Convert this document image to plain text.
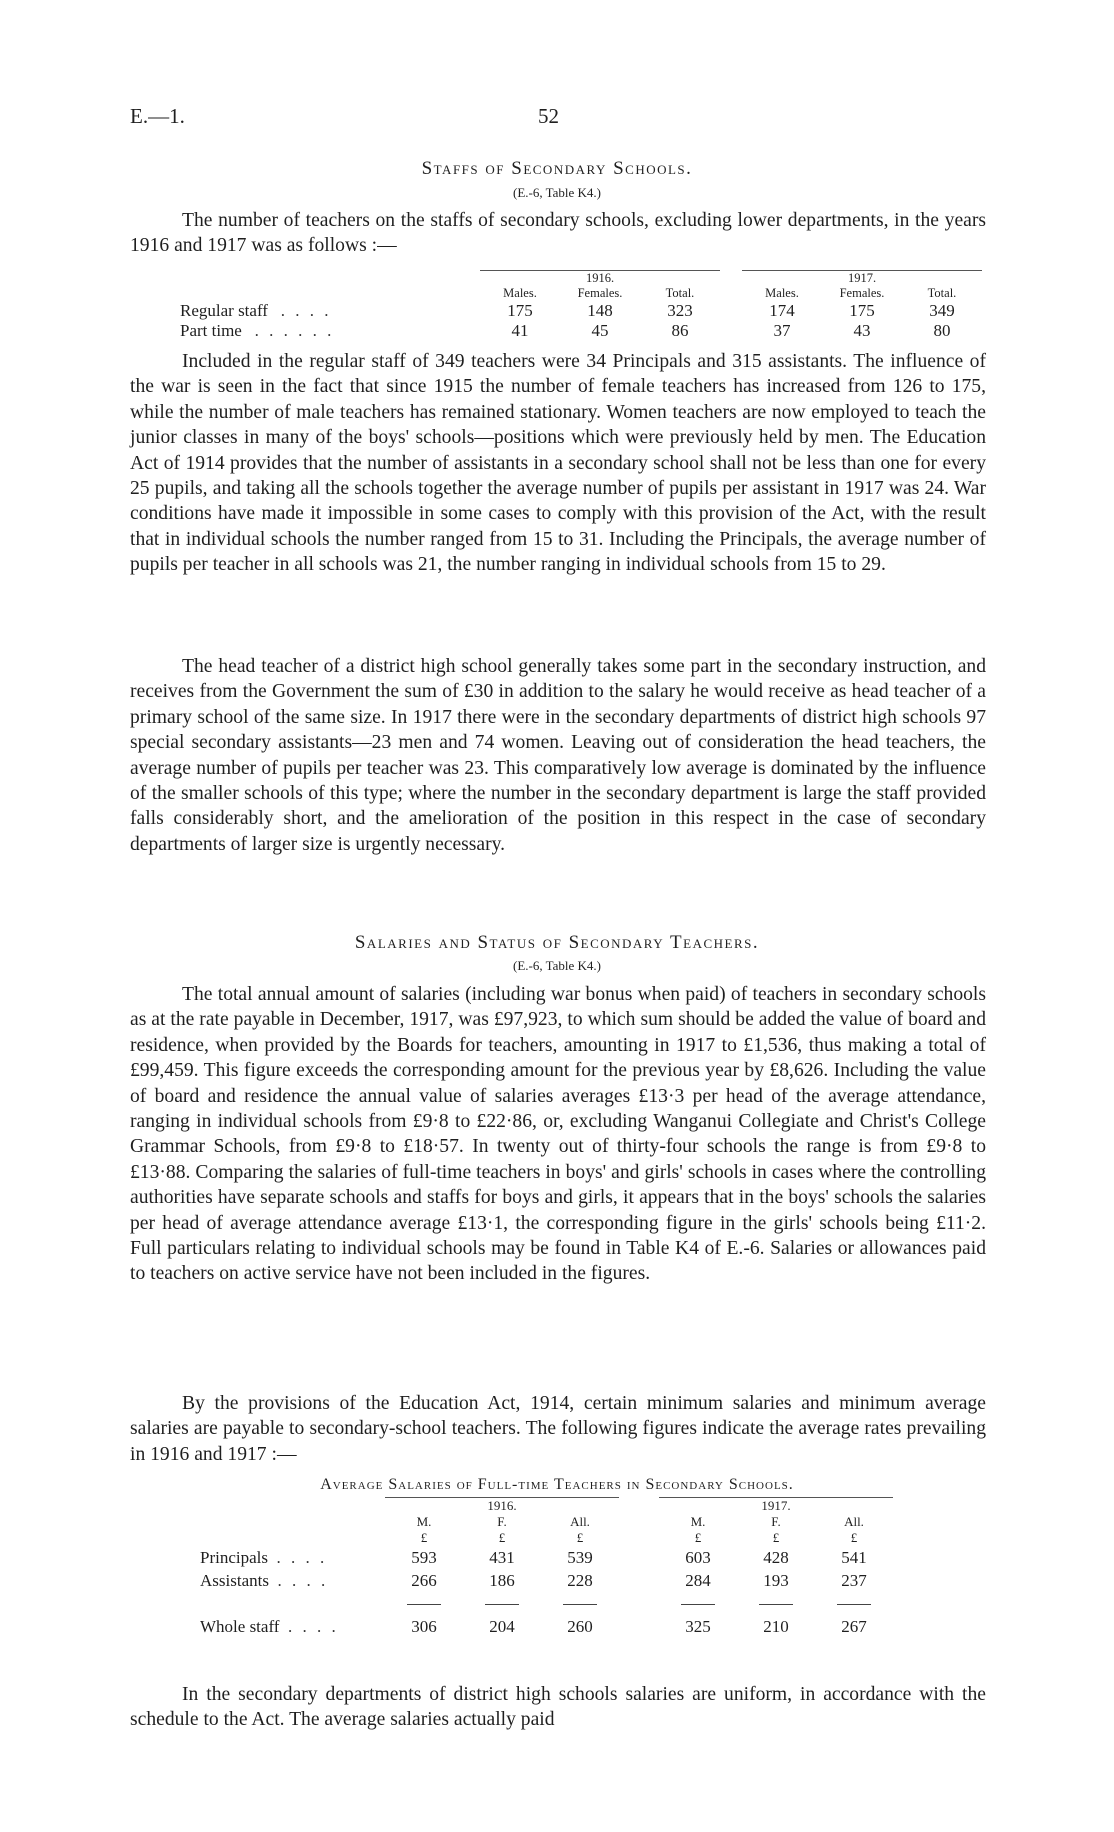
E.—1.	52
Staffs of Secondary Schools.
(E.-6, Table K4.)

The number of teachers on the staffs of secondary schools, excluding lower departments, in the years 1916 and 1917 was as follows :—

	1916.				1917.		
	Males.	Females.	Total.		Males.	Females.	Total.
Regular staff . . . .	175	148	323		174	175	349
Part time . . . . . .	41	45	86		37	43	80

Included in the regular staff of 349 teachers were 34 Principals and 315 assistants. The influence of the war is seen in the fact that since 1915 the number of female teachers has increased from 126 to 175, while the number of male teachers has remained stationary. Women teachers are now employed to teach the junior classes in many of the boys' schools—positions which were previously held by men. The Education Act of 1914 provides that the number of assistants in a secondary school shall not be less than one for every 25 pupils, and taking all the schools together the average number of pupils per assistant in 1917 was 24. War conditions have made it impossible in some cases to comply with this provision of the Act, with the result that in individual schools the number ranged from 15 to 31. Including the Principals, the average number of pupils per teacher in all schools was 21, the number ranging in individual schools from 15 to 29.

The head teacher of a district high school generally takes some part in the secondary instruction, and receives from the Government the sum of £30 in addition to the salary he would receive as head teacher of a primary school of the same size. In 1917 there were in the secondary departments of district high schools 97 special secondary assistants—23 men and 74 women. Leaving out of consideration the head teachers, the average number of pupils per teacher was 23. This comparatively low average is dominated by the influence of the smaller schools of this type; where the number in the secondary department is large the staff provided falls considerably short, and the amelioration of the position in this respect in the case of secondary departments of larger size is urgently necessary.

Salaries and Status of Secondary Teachers.
(E.-6, Table K4.)

The total annual amount of salaries (including war bonus when paid) of teachers in secondary schools as at the rate payable in December, 1917, was £97,923, to which sum should be added the value of board and residence, when provided by the Boards for teachers, amounting in 1917 to £1,536, thus making a total of £99,459. This figure exceeds the corresponding amount for the previous year by £8,626. Including the value of board and residence the annual value of salaries averages £13·3 per head of the average attendance, ranging in individual schools from £9·8 to £22·86, or, excluding Wanganui Collegiate and Christ's College Grammar Schools, from £9·8 to £18·57. In twenty out of thirty-four schools the range is from £9·8 to £13·88. Comparing the salaries of full-time teachers in boys' and girls' schools in cases where the controlling authorities have separate schools and staffs for boys and girls, it appears that in the boys' schools the salaries per head of average attendance average £13·1, the corresponding figure in the girls' schools being £11·2. Full particulars relating to individual schools may be found in Table K4 of E.-6. Salaries or allowances paid to teachers on active service have not been included in the figures.

By the provisions of the Education Act, 1914, certain minimum salaries and minimum average salaries are payable to secondary-school teachers. The following figures indicate the average rates prevailing in 1916 and 1917 :—

Average Salaries of Full-time Teachers in Secondary Schools.
	1916.				1917.		
	M.	F.	All.		M.	F.	All.
	£	£	£		£	£	£
Principals . . . .	593	431	539		603	428	541
Assistants . . . .	266	186	228		284	193	237

Whole staff . . . .	306	204	260		325	210	267

In the secondary departments of district high schools salaries are uniform, in accordance with the schedule to the Act. The average salaries actually paid
